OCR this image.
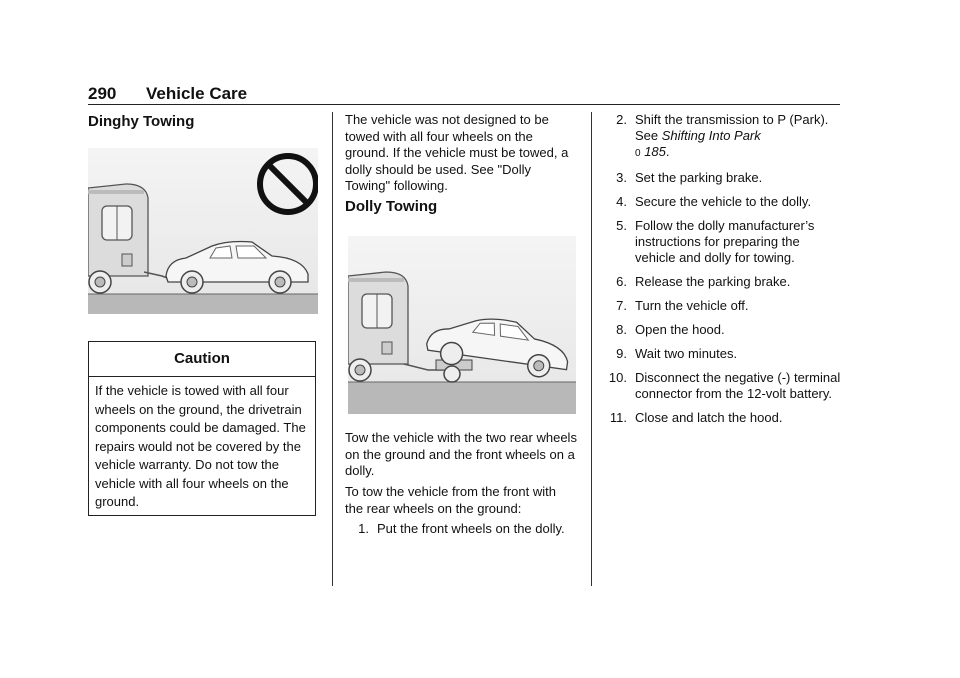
290 Vehicle Care
Dinghy Towing
Caution
If the vehicle is towed with all four wheels on the ground, the drivetrain components could be damaged. The repairs would not be covered by the vehicle warranty. Do not tow the vehicle with all four wheels on the ground.

The vehicle was not designed to be towed with all four wheels on the ground. If the vehicle must be towed, a dolly should be used. See "Dolly Towing" following.

Dolly Towing

Tow the vehicle with the two rear wheels on the ground and the front wheels on a dolly.

To tow the vehicle from the front with the rear wheels on the ground:

1. Put the front wheels on the dolly.
2. Shift the transmission to P (Park). See Shifting Into Park
0 185.
3. Set the parking brake.
4. Secure the vehicle to the dolly.
5. Follow the dolly manufacturer’s instructions for preparing the vehicle and dolly for towing.
6. Release the parking brake.
7. Turn the vehicle off.
8. Open the hood.
9. Wait two minutes.
10. Disconnect the negative (-) terminal connector from the 12-volt battery.
11. Close and latch the hood.
